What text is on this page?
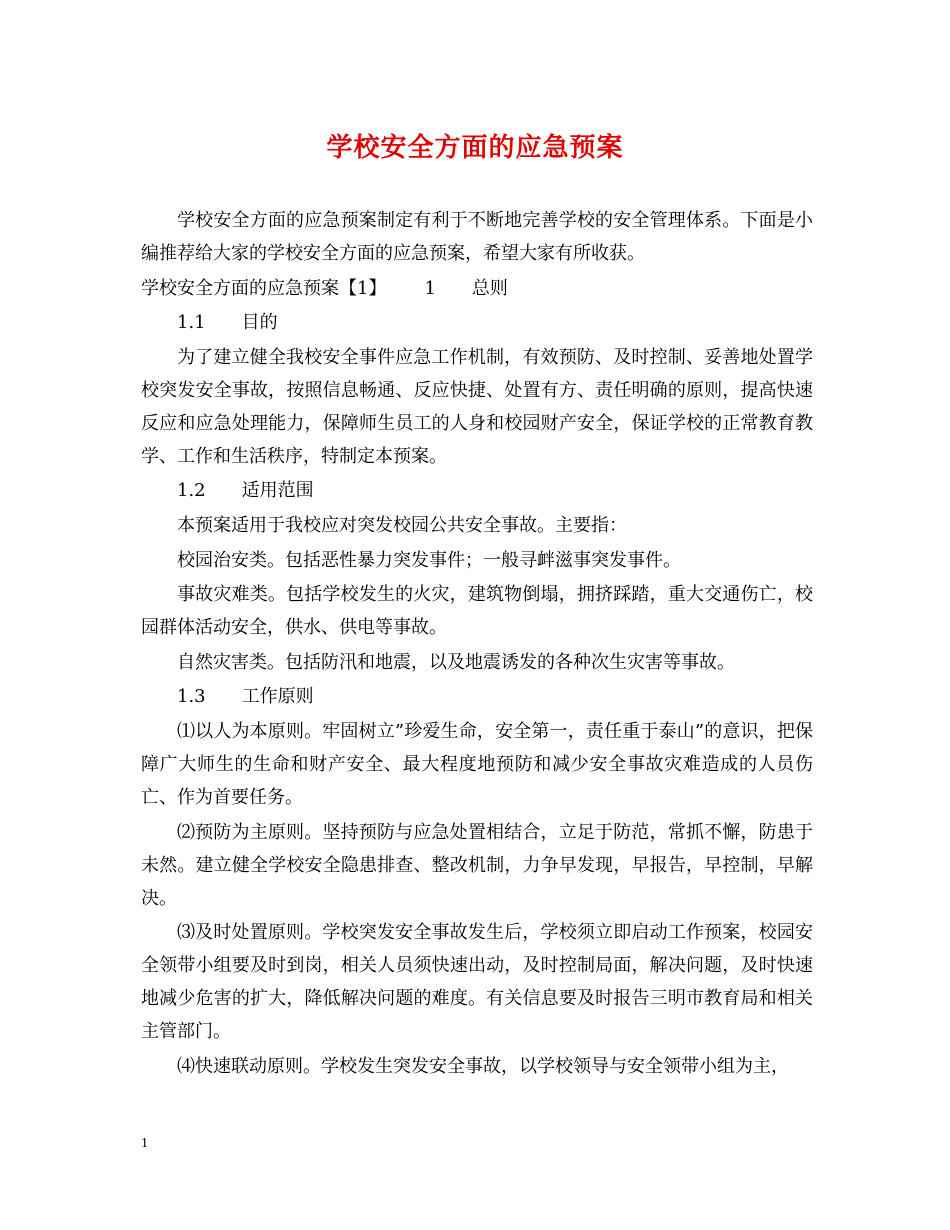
学校安全方面的应急预案

学校安全方面的应急预案制定有利于不断地完善学校的安全管理体系。下面是小编推荐给大家的学校安全方面的应急预案，希望大家有所收获。

学校安全方面的应急预案【1】 1 总则
1.1 目的

为了建立健全我校安全事件应急工作机制，有效预防、及时控制、妥善地处置学校突发安全事故，按照信息畅通、反应快捷、处置有方、责任明确的原则，提高快速反应和应急处理能力，保障师生员工的人身和校园财产安全，保证学校的正常教育教学、工作和生活秩序，特制定本预案。

1.2 适用范围

本预案适用于我校应对突发校园公共安全事故。主要指：

校园治安类。包括恶性暴力突发事件；一般寻衅滋事突发事件。

事故灾难类。包括学校发生的火灾，建筑物倒塌，拥挤踩踏，重大交通伤亡，校园群体活动安全，供水、供电等事故。

自然灾害类。包括防汛和地震，以及地震诱发的各种次生灾害等事故。

1.3 工作原则

⑴以人为本原则。牢固树立”珍爱生命，安全第一，责任重于泰山”的意识，把保障广大师生的生命和财产安全、最大程度地预防和减少安全事故灾难造成的人员伤亡、作为首要任务。

⑵预防为主原则。坚持预防与应急处置相结合，立足于防范，常抓不懈，防患于未然。建立健全学校安全隐患排查、整改机制，力争早发现，早报告，早控制，早解决。

⑶及时处置原则。学校突发安全事故发生后，学校须立即启动工作预案，校园安全领带小组要及时到岗，相关人员须快速出动，及时控制局面，解决问题，及时快速地减少危害的扩大，降低解决问题的难度。有关信息要及时报告三明市教育局和相关主管部门。

⑷快速联动原则。学校发生突发安全事故，以学校领导与安全领带小组为主，

1
